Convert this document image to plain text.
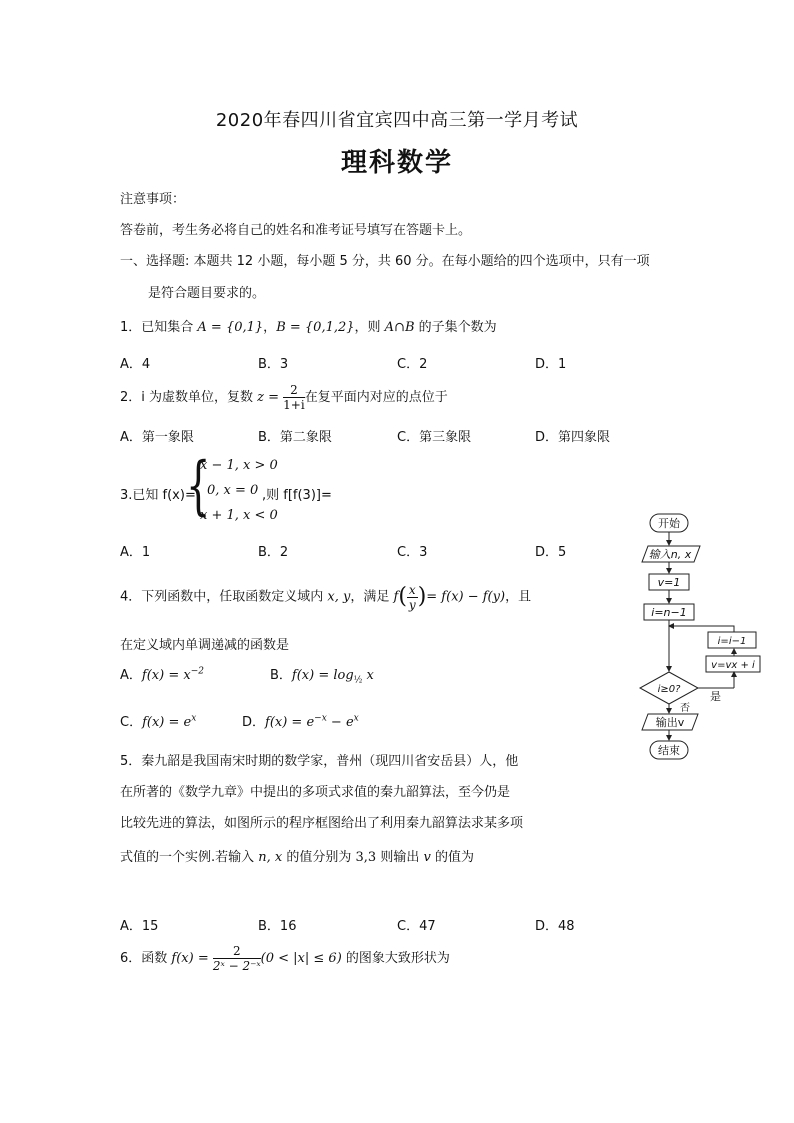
2020年春四川省宜宾四中高三第一学月考试
理科数学
注意事项：
答卷前，考生务必将自己的姓名和准考证号填写在答题卡上。
一、选择题: 本题共 12 小题，每小题 5 分，共 60 分。在每小题给的四个选项中，只有一项
是符合题目要求的。
1．已知集合 A = {0,1}，B = {0,1,2}，则 A∩B 的子集个数为
A．4	B．3	C．2	D．1
2．i 为虚数单位，复数 $z = \frac{2}{1+i}$ 在复平面内对应的点位于
A．第一象限	B．第二象限	C．第三象限	D．第四象限
3.已知 f(x)=
{
x − 1, x > 0
0, x = 0
x + 1, x < 0
,则 f[f(3)]=
A．1	B．2	C．3	D．5
4．下列函数中，任取函数定义域内 x, y，满足 $f( \frac{x}{y}$ )= f(x) − f(y)，且
在定义域内单调递减的函数是
A．$f(x) = x^{-2}$	B．$f(x) = \log_{\frac{1}{2}} x$
C．$f(x) = e^x$	D．$f(x) = e^{-x} - e^x$
5．秦九韶是我国南宋时期的数学家，普州（现四川省安岳县）人，他
在所著的《数学九章》中提出的多项式求值的秦九韶算法，至今仍是
比较先进的算法，如图所示的程序框图给出了利用秦九韶算法求某多项
式值的一个实例.若输入 n, x 的值分别为 3,3 则输出 v 的值为
A．15	B．16	C．47	D．48
6．函数 $f(x) = \frac{2}{\text{2ˣ − 2⁻ˣ}} (0 < |x| \le 6)$ 的图象大致形状为
开始
输入n, x
v=1
i=n−1
i≥0?
v=vx + i
i=i−1
是
否
输出v
结束
